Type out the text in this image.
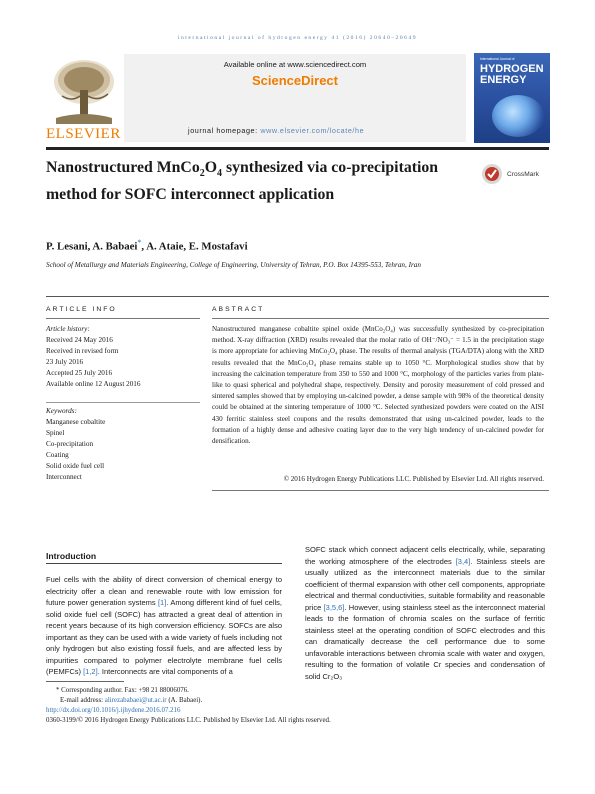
international journal of hydrogen energy 41 (2016) 20640–20649
ELSEVIER
Available online at www.sciencedirect.com
ScienceDirect
journal homepage: www.elsevier.com/locate/he
International Journal of
HYDROGEN
ENERGY
Nanostructured $MnCo_2O_4$ synthesized via co-precipitation method for SOFC interconnect application
CrossMark
P. Lesani, A. Babaei*, A. Ataie, E. Mostafavi
School of Metallurgy and Materials Engineering, College of Engineering, University of Tehran, P.O. Box 14395-553, Tehran, Iran
ARTICLE INFO	ABSTRACT
Article history:
Received 24 May 2016
Received in revised form
23 July 2016
Accepted 25 July 2016
Available online 12 August 2016
Keywords:
Manganese cobaltite
Spinel
Co-precipitation
Coating
Solid oxide fuel cell
Interconnect
Nanostructured manganese cobaltite spinel oxide (MnCo₂O₄) was successfully synthesized by co-precipitation method. X-ray diffraction (XRD) results revealed that the molar ratio of OH⁻/NO₃⁻ = 1.5 in the precipitation stage is more appropriate for achieving MnCo₂O₄ phase. The results of thermal analysis (TGA/DTA) along with the XRD results revealed that the MnCo₂O₄ phase remains stable up to 1050 °C. Morphological studies show that by increasing the calcination temperature from 350 to 550 and 1000 °C, morphology of the particles varies from plate-like to quasi spherical and polyhedral shape, respectively. Density and porosity measurement of cold pressed and sintered samples showed that by employing un-calcined powder, a dense sample with 98% of the theoretical density could be obtained at the sintering temperature of 1000 °C. Selected synthesized powders were coated on the AISI 430 ferritic stainless steel coupons and the results demonstrated that using un-calcined powder, leads to the formation of a highly dense and adhesive coating layer due to the very high tendency of un-calcined powder for densification.
© 2016 Hydrogen Energy Publications LLC. Published by Elsevier Ltd. All rights reserved.
Introduction
Fuel cells with the ability of direct conversion of chemical energy to electricity offer a clean and renewable route with low emission for future power generation systems [1]. Among different kind of fuel cells, solid oxide fuel cell (SOFC) has attracted a great deal of attention in recent years because of its high conversion efficiency. SOFCs are also important as they can be used with a wide variety of fuels including not only hydrogen but also existing fossil fuels, and are affected less by impurities compared to polymer electrolyte membrane fuel cells (PEMFCs) [1,2]. Interconnects are vital components of a
SOFC stack which connect adjacent cells electrically, while, separating the working atmosphere of the electrodes [3,4]. Stainless steels are usually utilized as the interconnect materials due to the similar coefficient of thermal expansion with other cell components, appropriate electrical and thermal conductivities, suitable formability and reasonable price [3,5,6]. However, using stainless steel as the interconnect material leads to the formation of chromia scales on the surface of ferritic stainless steel at the operating condition of SOFC electrodes and this can dramatically decrease the cell performance due to some unfavorable interactions between chromia scale with water and oxygen, resulting to the formation of volatile Cr species and condensation of solid Cr₂O₃
* Corresponding author. Fax: +98 21 88006076.
E-mail address: alirezababaei@ut.ac.ir (A. Babaei).
http://dx.doi.org/10.1016/j.ijhydene.2016.07.216
0360-3199/© 2016 Hydrogen Energy Publications LLC. Published by Elsevier Ltd. All rights reserved.
